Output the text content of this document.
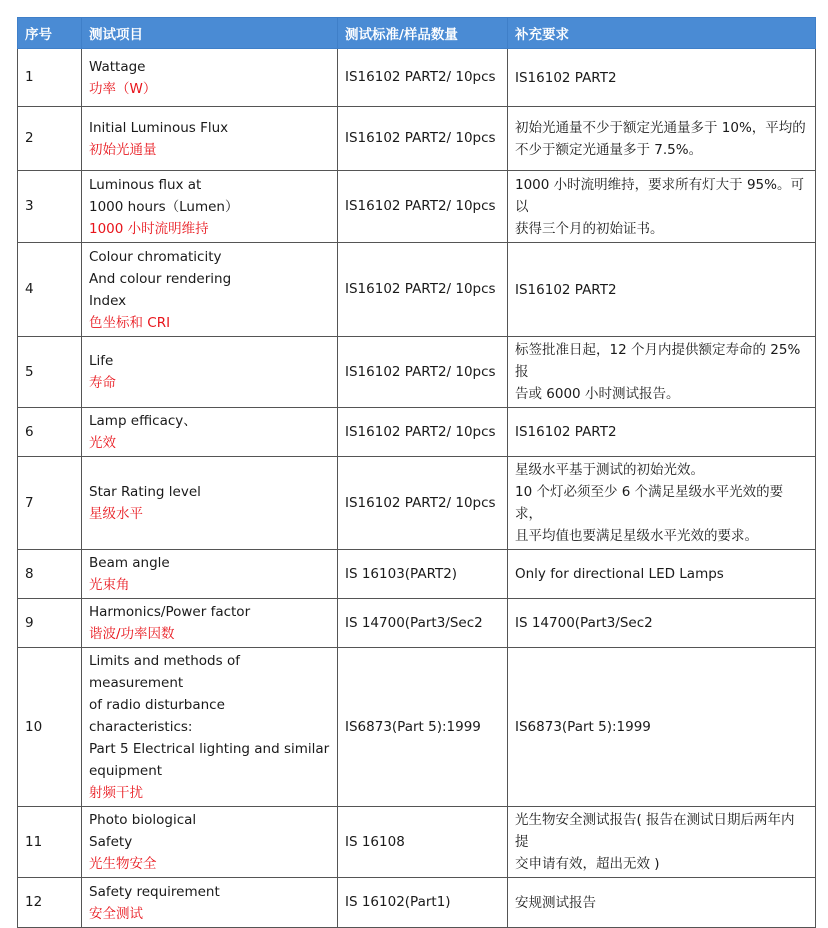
序号	测试项目	测试标准/样品数量	补充要求
1	Wattage
功率（W）	IS16102 PART2/ 10pcs	IS16102 PART2

2	Initial Luminous Flux
初始光通量	IS16102 PART2/ 10pcs	初始光通量不少于额定光通量多于 10%，平均的
不少于额定光通量多于 7.5%。

3	Luminous flux at
1000 hours（Lumen）
1000 小时流明维持	IS16102 PART2/ 10pcs	1000 小时流明维持，要求所有灯大于 95%。可以
获得三个月的初始证书。

4	Colour chromaticity
And colour rendering
Index
色坐标和 CRI	IS16102 PART2/ 10pcs	IS16102 PART2

5	Life
寿命	IS16102 PART2/ 10pcs	标签批准日起，12 个月内提供额定寿命的 25%报
告或 6000 小时测试报告。

6	Lamp efficacy、
光效	IS16102 PART2/ 10pcs	IS16102 PART2

7	Star Rating level
星级水平	IS16102 PART2/ 10pcs	星级水平基于测试的初始光效。
10 个灯必须至少 6 个满足星级水平光效的要求，
且平均值也要满足星级水平光效的要求。

8	Beam angle
光束角	IS 16103(PART2)	Only for directional LED Lamps

9	Harmonics/Power factor
谐波/功率因数	IS 14700(Part3/Sec2	IS 14700(Part3/Sec2

10	Limits and methods of measurement
of radio disturbance characteristics:
Part 5 Electrical lighting and similar
equipment
射频干扰	IS6873(Part 5):1999	IS6873(Part 5):1999

11	Photo biological
Safety
光生物安全	IS 16108	光生物安全测试报告( 报告在测试日期后两年内提
交申请有效，超出无效 )

12	Safety requirement
安全测试	IS 16102(Part1)	安规测试报告
